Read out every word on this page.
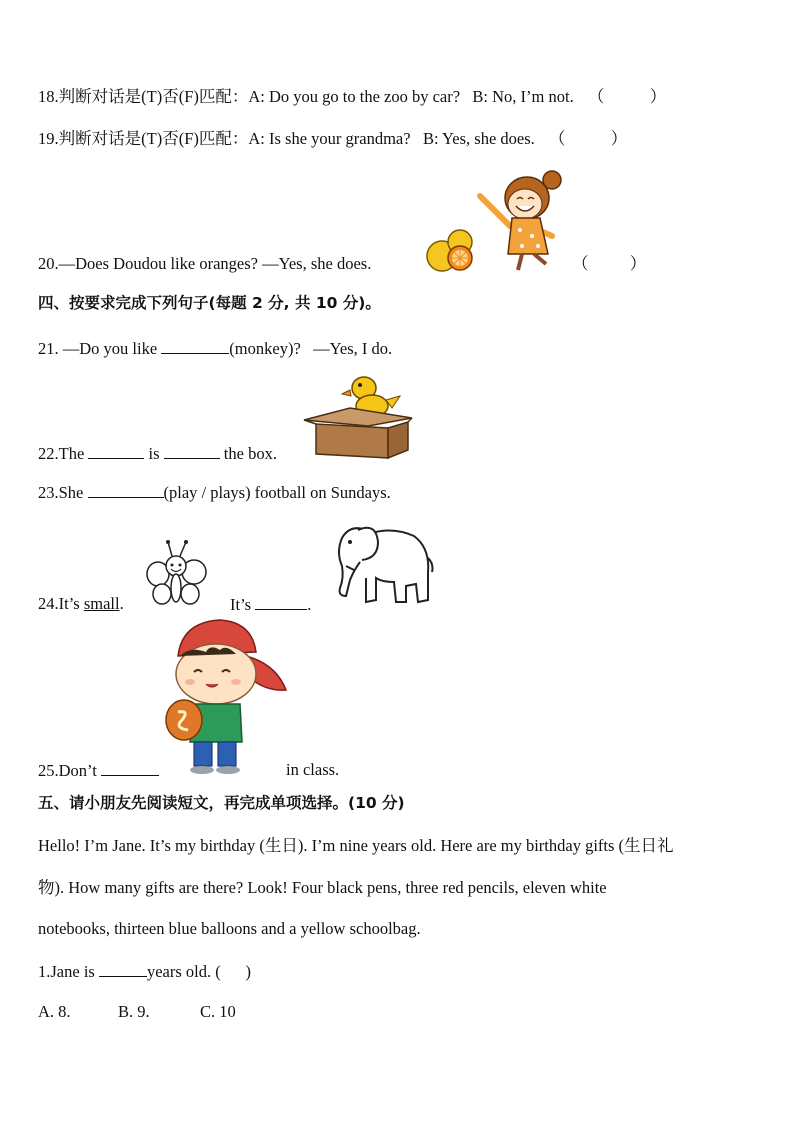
18.判断对话是(T)否(F)匹配：A: Do you go to the zoo by car?   B: No, I’m not. （           ）
19.判断对话是(T)否(F)匹配：A: Is she your grandma?   B: Yes, she does. （           ）
20.—Does Doudou like oranges? —Yes, she does.	（          ）
四、按要求完成下列句子(每题 2 分, 共 10 分)。
21. —Do you like	(monkey)?   —Yes, I do.
22.The	is	the box.
23.She	(play / plays) football on Sundays.
24.It’s small.	It’s	.
25.Don’t	in class.
五、请小朋友先阅读短文，再完成单项选择。(10 分)
Hello! I’m Jane. It’s my birthday (生日). I’m nine years old. Here are my birthday gifts (生日礼
物). How many gifts are there? Look! Four black pens, three red pencils, eleven white
notebooks, thirteen blue balloons and a yellow schoolbag.
1.Jane is	years old. (      )
A. 8.	B. 9.	C. 10
